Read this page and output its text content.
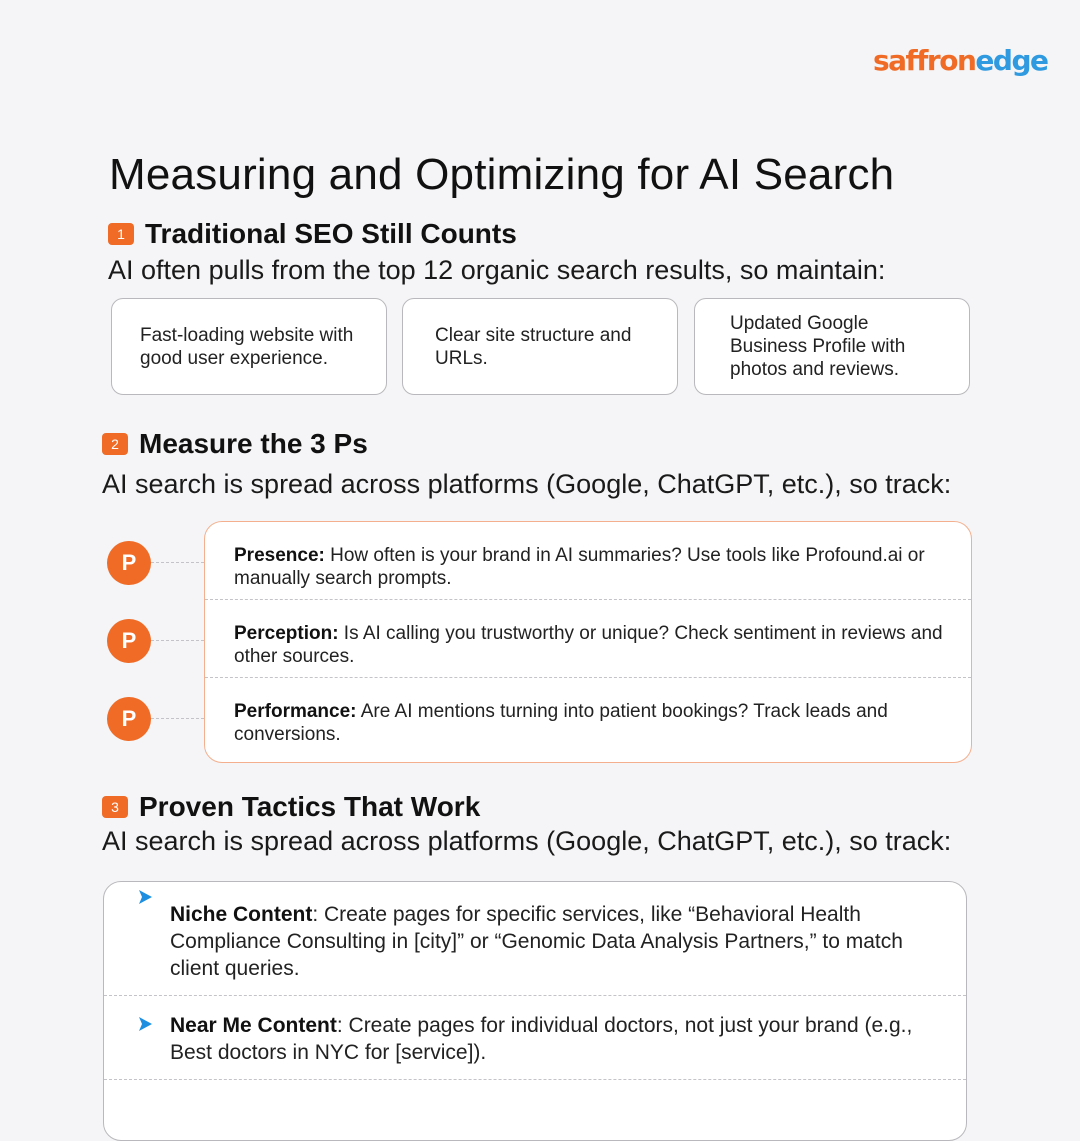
saffronedge
Measuring and Optimizing for AI Search
1 Traditional SEO Still Counts
AI often pulls from the top 12 organic search results, so maintain:
Fast-loading website with good user experience.
Clear site structure and URLs.
Updated Google Business Profile with photos and reviews.
2 Measure the 3 Ps
AI search is spread across platforms (Google, ChatGPT, etc.), so track:
P
P
P
Presence: How often is your brand in AI summaries? Use tools like Profound.ai or manually search prompts.
Perception: Is AI calling you trustworthy or unique? Check sentiment in reviews and other sources.
Performance: Are AI mentions turning into patient bookings? Track leads and conversions.
3 Proven Tactics That Work
AI search is spread across platforms (Google, ChatGPT, etc.), so track:
Niche Content: Create pages for specific services, like “Behavioral Health Compliance Consulting in [city]” or “Genomic Data Analysis Partners,” to match client queries.
Near Me Content: Create pages for individual doctors, not just your brand (e.g., Best doctors in NYC for [service]).
